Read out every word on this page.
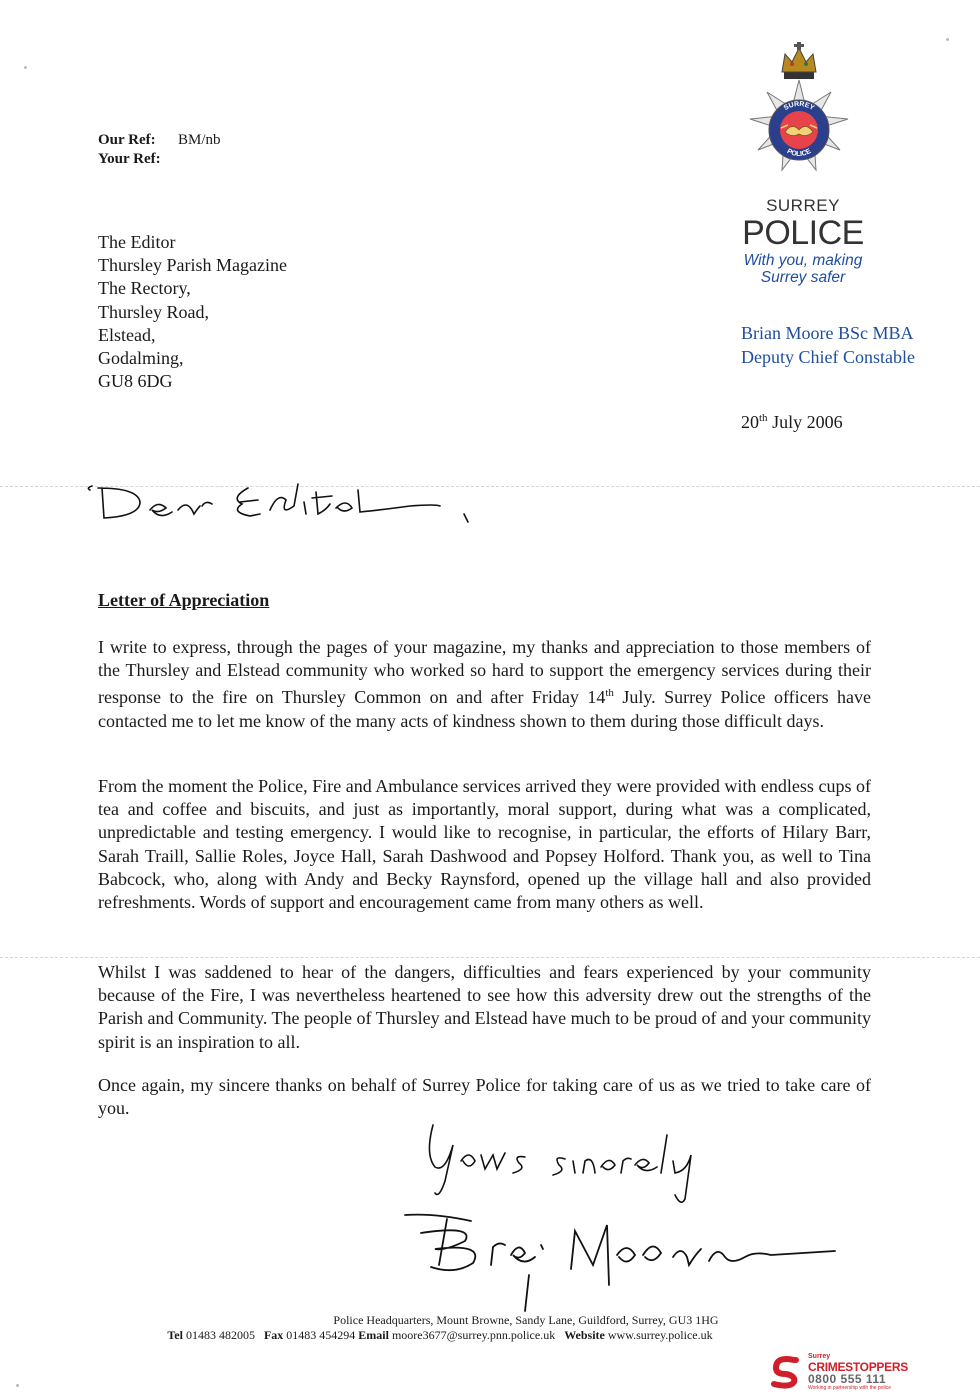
Our Ref: BM/nb
Your Ref:
The Editor
Thursley Parish Magazine
The Rectory,
Thursley Road,
Elstead,
Godalming,
GU8 6DG
SURREY
POLICE
SURREY
POLICE
With you, making
Surrey safer
Brian Moore BSc MBA
Deputy Chief Constable
20th July 2006
Letter of Appreciation
I write to express, through the pages of your magazine, my thanks and appreciation to those members of the Thursley and Elstead community who worked so hard to support the emergency services during their response to the fire on Thursley Common on and after Friday 14th July. Surrey Police officers have contacted me to let me know of the many acts of kindness shown to them during those difficult days.
From the moment the Police, Fire and Ambulance services arrived they were provided with endless cups of tea and coffee and biscuits, and just as importantly, moral support, during what was a complicated, unpredictable and testing emergency. I would like to recognise, in particular, the efforts of Hilary Barr, Sarah Traill, Sallie Roles, Joyce Hall, Sarah Dashwood and Popsey Holford. Thank you, as well to Tina Babcock, who, along with Andy and Becky Raynsford, opened up the village hall and also provided refreshments. Words of support and encouragement came from many others as well.
Whilst I was saddened to hear of the dangers, difficulties and fears experienced by your community because of the Fire, I was nevertheless heartened to see how this adversity drew out the strengths of the Parish and Community. The people of Thursley and Elstead have much to be proud of and your community spirit is an inspiration to all.
Once again, my sincere thanks on behalf of Surrey Police for taking care of us as we tried to take care of you.
Police Headquarters, Mount Browne, Sandy Lane, Guildford, Surrey, GU3 1HG
Tel 01483 482005 Fax 01483 454294 Email moore3677@surrey.pnn.police.uk Website www.surrey.police.uk
Surrey
CRIMESTOPPERS
0800 555 111
Working in partnership with the police
